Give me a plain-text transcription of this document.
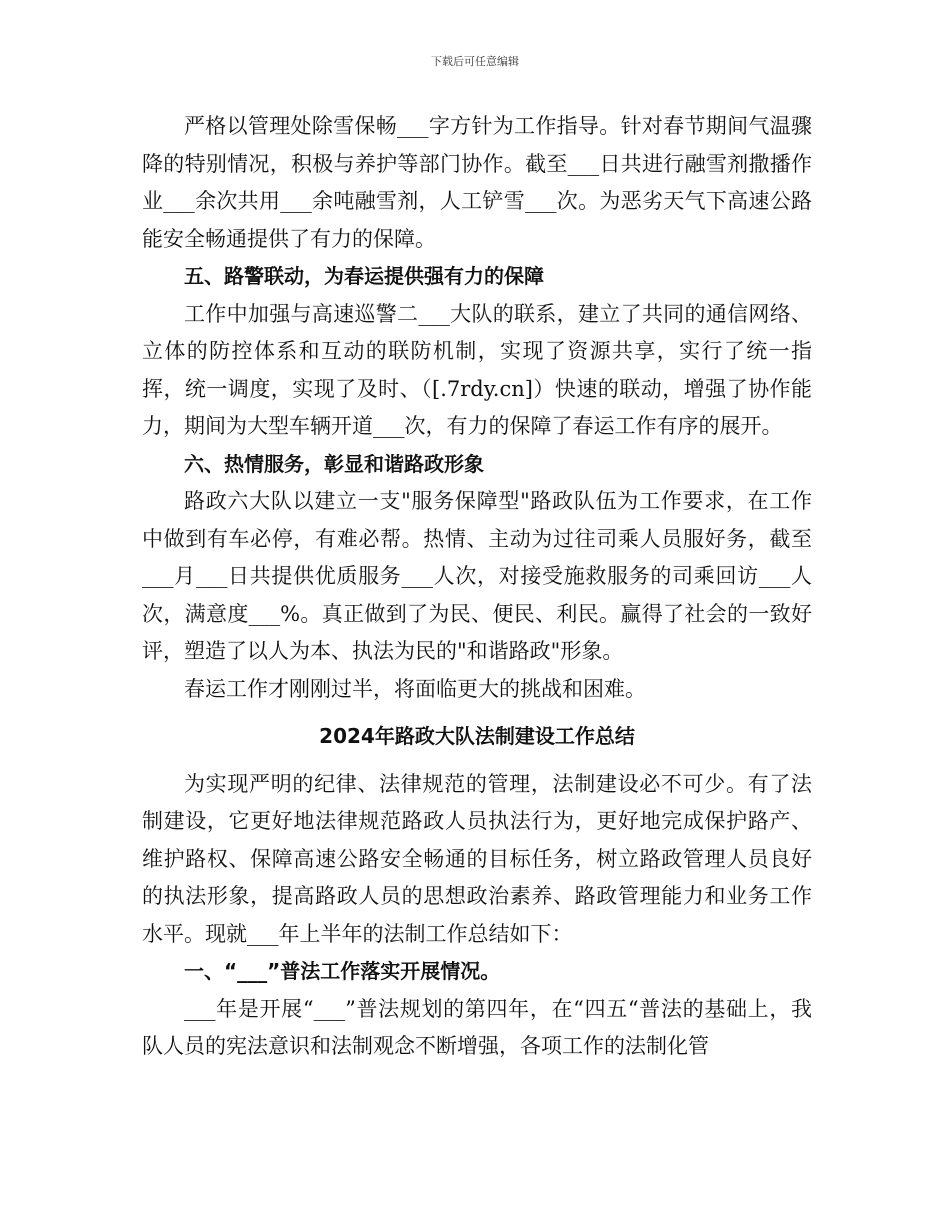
下载后可任意编辑

严格以管理处除雪保畅___字方针为工作指导。针对春节期间气温骤降的特别情况，积极与养护等部门协作。截至___日共进行融雪剂撒播作业___余次共用___余吨融雪剂，人工铲雪___次。为恶劣天气下高速公路能安全畅通提供了有力的保障。

五、路警联动，为春运提供强有力的保障

工作中加强与高速巡警二___大队的联系，建立了共同的通信网络、立体的防控体系和互动的联防机制，实现了资源共享，实行了统一指挥，统一调度，实现了及时、（[.7rdy.cn]）快速的联动，增强了协作能力，期间为大型车辆开道___次，有力的保障了春运工作有序的展开。

六、热情服务，彰显和谐路政形象

路政六大队以建立一支"服务保障型"路政队伍为工作要求，在工作中做到有车必停，有难必帮。热情、主动为过往司乘人员服好务，截至___月___日共提供优质服务___人次，对接受施救服务的司乘回访___人次，满意度___%。真正做到了为民、便民、利民。赢得了社会的一致好评，塑造了以人为本、执法为民的"和谐路政"形象。

春运工作才刚刚过半，将面临更大的挑战和困难。

2024年路政大队法制建设工作总结

为实现严明的纪律、法律规范的管理，法制建设必不可少。有了法制建设，它更好地法律规范路政人员执法行为，更好地完成保护路产、维护路权、保障高速公路安全畅通的目标任务，树立路政管理人员良好的执法形象，提高路政人员的思想政治素养、路政管理能力和业务工作水平。现就___年上半年的法制工作总结如下：

一、“___”普法工作落实开展情况。

___年是开展“___”普法规划的第四年，在“四五“普法的基础上，我队人员的宪法意识和法制观念不断增强，各项工作的法制化管
